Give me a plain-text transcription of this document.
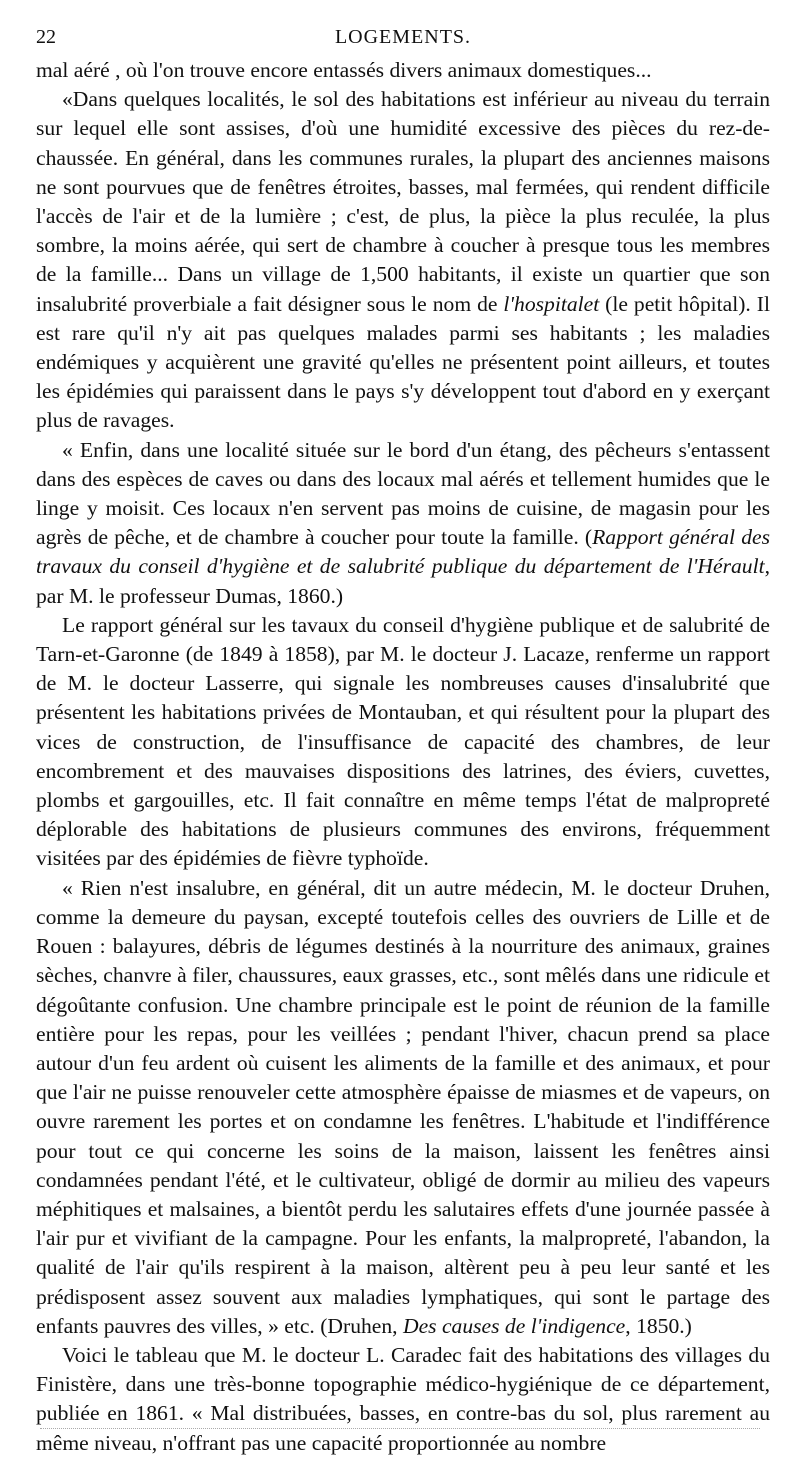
22	LOGEMENTS.

mal aéré , où l'on trouve encore entassés divers animaux domestiques...

«Dans quelques localités, le sol des habitations est inférieur au niveau du terrain sur lequel elle sont assises, d'où une humidité excessive des pièces du rez-de-chaussée. En général, dans les communes rurales, la plupart des anciennes maisons ne sont pourvues que de fenêtres étroites, basses, mal fermées, qui rendent difficile l'accès de l'air et de la lumière ; c'est, de plus, la pièce la plus reculée, la plus sombre, la moins aérée, qui sert de chambre à coucher à presque tous les membres de la famille... Dans un village de 1,500 habitants, il existe un quartier que son insalubrité proverbiale a fait désigner sous le nom de l'hospitalet (le petit hôpital). Il est rare qu'il n'y ait pas quelques malades parmi ses habitants ; les maladies endémiques y acquièrent une gravité qu'elles ne présentent point ailleurs, et toutes les épidémies qui paraissent dans le pays s'y développent tout d'abord en y exerçant plus de ravages.

« Enfin, dans une localité située sur le bord d'un étang, des pêcheurs s'entassent dans des espèces de caves ou dans des locaux mal aérés et tellement humides que le linge y moisit. Ces locaux n'en servent pas moins de cuisine, de magasin pour les agrès de pêche, et de chambre à coucher pour toute la famille. (Rapport général des travaux du conseil d'hygiène et de salubrité publique du département de l'Hérault, par M. le professeur Dumas, 1860.)

Le rapport général sur les tavaux du conseil d'hygiène publique et de salubrité de Tarn-et-Garonne (de 1849 à 1858), par M. le docteur J. Lacaze, renferme un rapport de M. le docteur Lasserre, qui signale les nombreuses causes d'insalubrité que présentent les habitations privées de Montauban, et qui résultent pour la plupart des vices de construction, de l'insuffisance de capacité des chambres, de leur encombrement et des mauvaises dispositions des latrines, des éviers, cuvettes, plombs et gargouilles, etc. Il fait connaître en même temps l'état de malpropreté déplorable des habitations de plusieurs communes des environs, fréquemment visitées par des épidémies de fièvre typhoïde.

« Rien n'est insalubre, en général, dit un autre médecin, M. le docteur Druhen, comme la demeure du paysan, excepté toutefois celles des ouvriers de Lille et de Rouen : balayures, débris de légumes destinés à la nourriture des animaux, graines sèches, chanvre à filer, chaussures, eaux grasses, etc., sont mêlés dans une ridicule et dégoûtante confusion. Une chambre principale est le point de réunion de la famille entière pour les repas, pour les veillées ; pendant l'hiver, chacun prend sa place autour d'un feu ardent où cuisent les aliments de la famille et des animaux, et pour que l'air ne puisse renouveler cette atmosphère épaisse de miasmes et de vapeurs, on ouvre rarement les portes et on condamne les fenêtres. L'habitude et l'indifférence pour tout ce qui concerne les soins de la maison, laissent les fenêtres ainsi condamnées pendant l'été, et le cultivateur, obligé de dormir au milieu des vapeurs méphitiques et malsaines, a bientôt perdu les salutaires effets d'une journée passée à l'air pur et vivifiant de la campagne. Pour les enfants, la malpropreté, l'abandon, la qualité de l'air qu'ils respirent à la maison, altèrent peu à peu leur santé et les prédisposent assez souvent aux maladies lymphatiques, qui sont le partage des enfants pauvres des villes, » etc. (Druhen, Des causes de l'indigence, 1850.)

Voici le tableau que M. le docteur L. Caradec fait des habitations des villages du Finistère, dans une très-bonne topographie médico-hygiénique de ce département, publiée en 1861. « Mal distribuées, basses, en contre-bas du sol, plus rarement au même niveau, n'offrant pas une capacité proportionnée au nombre
